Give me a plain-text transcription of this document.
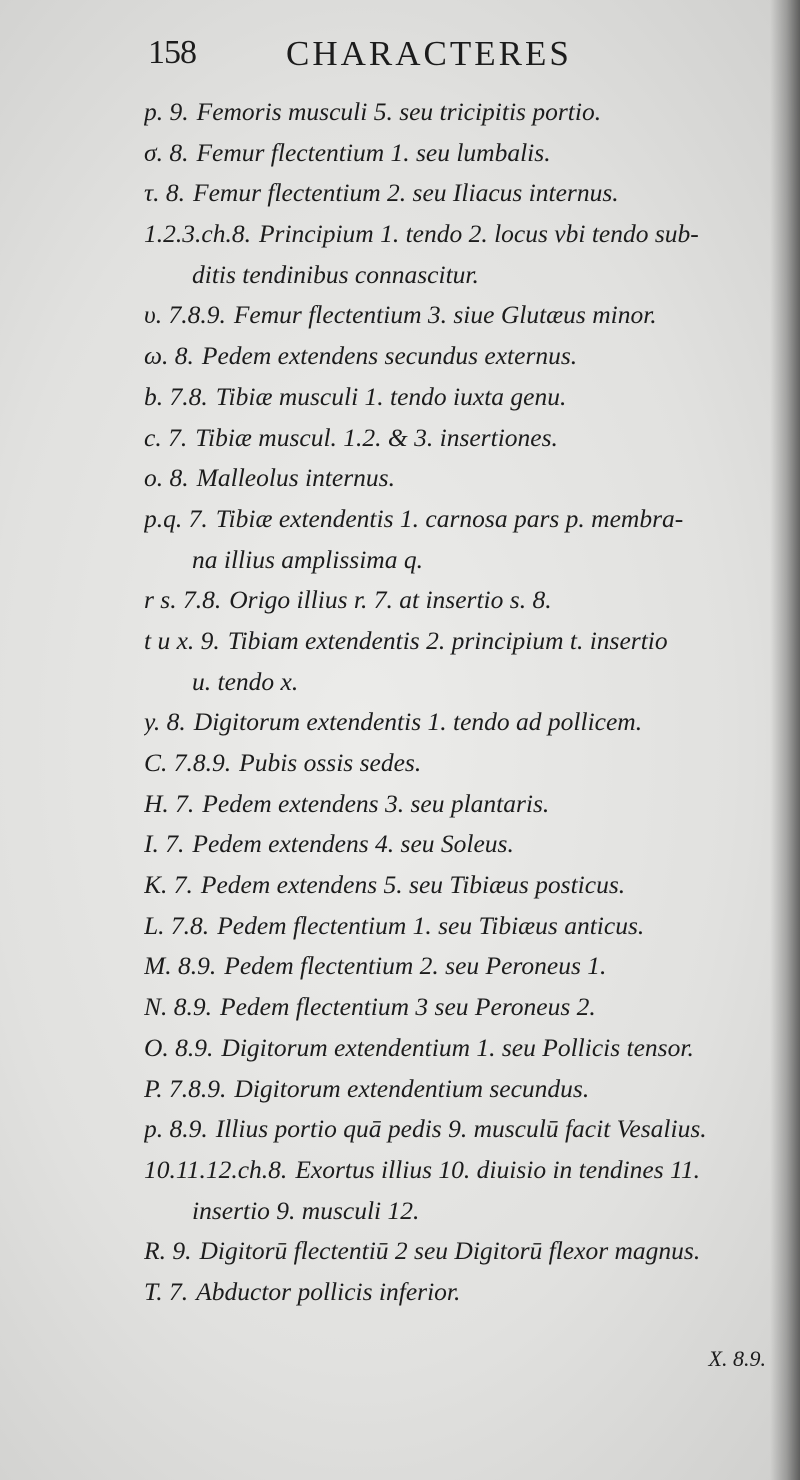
158	CHARACTERES
p. 9. Femoris musculi 5. seu tricipitis portio.
σ. 8. Femur flectentium 1. seu lumbalis.
τ. 8. Femur flectentium 2. seu Iliacus internus.
1.2.3.ch.8. Principium 1. tendo 2. locus vbi tendo sub-
ditis tendinibus connascitur.
υ. 7.8.9. Femur flectentium 3. siue Glutæus minor.
ω. 8. Pedem extendens secundus externus.
b. 7.8. Tibiæ musculi 1. tendo iuxta genu.
c. 7. Tibiæ muscul. 1.2. & 3. insertiones.
o. 8. Malleolus internus.
p.q. 7. Tibiæ extendentis 1. carnosa pars p. membra-
na illius amplissima q.
r s. 7.8. Origo illius r. 7. at insertio s. 8.
t u x. 9. Tibiam extendentis 2. principium t. insertio
u. tendo x.
y. 8. Digitorum extendentis 1. tendo ad pollicem.
C. 7.8.9. Pubis ossis sedes.
H. 7. Pedem extendens 3. seu plantaris.
I. 7. Pedem extendens 4. seu Soleus.
K. 7. Pedem extendens 5. seu Tibiæus posticus.
L. 7.8. Pedem flectentium 1. seu Tibiæus anticus.
M. 8.9. Pedem flectentium 2. seu Peroneus 1.
N. 8.9. Pedem flectentium 3 seu Peroneus 2.
O. 8.9. Digitorum extendentium 1. seu Pollicis tensor.
P. 7.8.9. Digitorum extendentium secundus.
p. 8.9. Illius portio quā pedis 9. musculū facit Vesalius.
10.11.12.ch.8. Exortus illius 10. diuisio in tendines 11.
insertio 9. musculi 12.
R. 9. Digitorū flectentiū 2 seu Digitorū flexor magnus.
T. 7. Abductor pollicis inferior.
X. 8.9.
